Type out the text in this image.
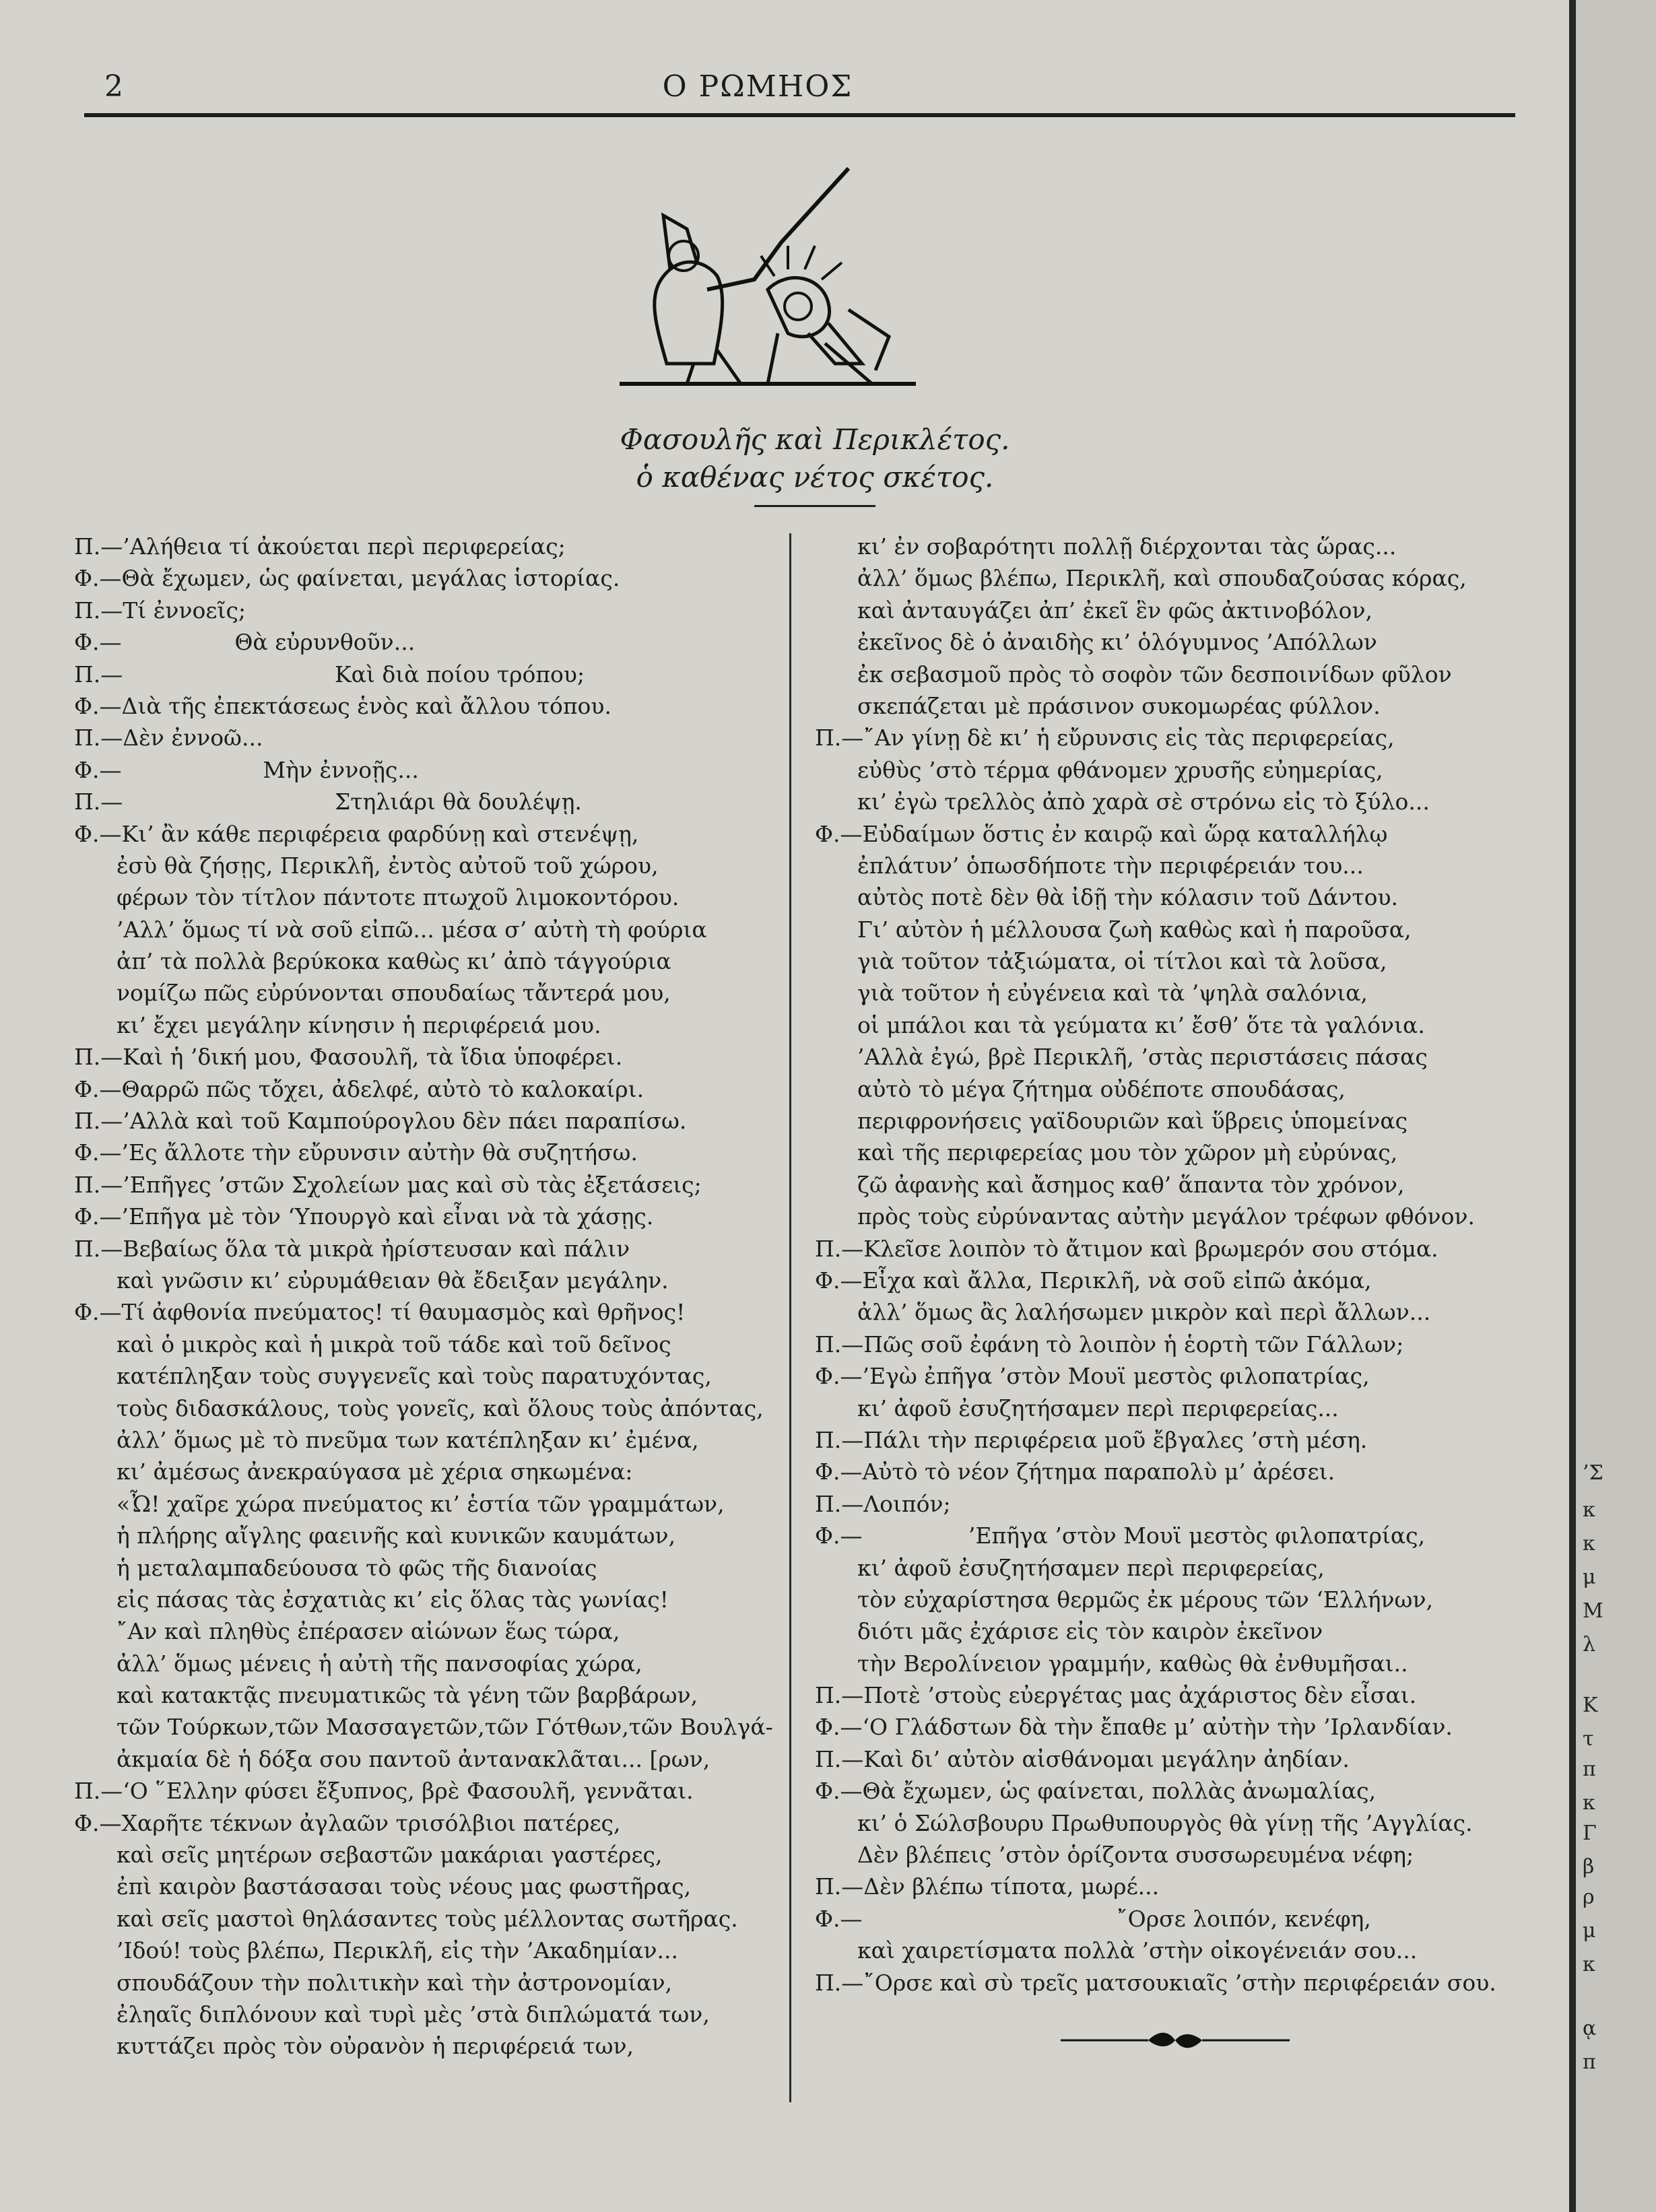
2	Ο ΡΩΜΗΟΣ
Φασουλῆς καὶ Περικλέτος.
ὁ καθένας νέτος σκέτος.
Π.—’Αλήθεια τί ἀκούεται περὶ περιφερείας;
Φ.—Θὰ ἔχωμεν, ὡς φαίνεται, μεγάλας ἱστορίας.
Π.—Τί ἐννοεῖς;
Φ.—                Θὰ εὐρυνθοῦν...
Π.—                              Καὶ διὰ ποίου τρόπου;
Φ.—Διὰ τῆς ἐπεκτάσεως ἑνὸς καὶ ἄλλου τόπου.
Π.—Δὲν ἐννοῶ...
Φ.—                    Μὴν ἐννοῇς...
Π.—                              Στηλιάρι θὰ δουλέψῃ.
Φ.—Κι’ ἂν κάθε περιφέρεια φαρδύνῃ καὶ στενέψῃ,
ἐσὺ θὰ ζήσῃς, Περικλῆ, ἐντὸς αὐτοῦ τοῦ χώρου,
φέρων τὸν τίτλον πάντοτε πτωχοῦ λιμοκοντόρου.
’Αλλ’ ὅμως τί νὰ σοῦ εἰπῶ... μέσα σ’ αὐτὴ τὴ φούρια
ἀπ’ τὰ πολλὰ βερύκοκα καθὼς κι’ ἀπὸ τάγγούρια
νομίζω πῶς εὐρύνονται σπουδαίως τἄντερά μου,
κι’ ἔχει μεγάλην κίνησιν ἡ περιφέρειά μου.
Π.—Καὶ ἡ ’δική μου, Φασουλῆ, τὰ ἴδια ὑποφέρει.
Φ.—Θαρρῶ πῶς τὄχει, ἀδελφέ, αὐτὸ τὸ καλοκαίρι.
Π.—’Αλλὰ καὶ τοῦ Καμπούρογλου δὲν πάει παραπίσω.
Φ.—’Ες ἄλλοτε τὴν εὔρυνσιν αὐτὴν θὰ συζητήσω.
Π.—’Επῆγες ’στῶν Σχολείων μας καὶ σὺ τὰς ἐξετάσεις;
Φ.—’Επῆγα μὲ τὸν ‘Υπουργὸ καὶ εἶναι νὰ τὰ χάσῃς.
Π.—Βεβαίως ὅλα τὰ μικρὰ ἠρίστευσαν καὶ πάλιν
καὶ γνῶσιν κι’ εὐρυμάθειαν θὰ ἔδειξαν μεγάλην.
Φ.—Τί ἀφθονία πνεύματος! τί θαυμασμὸς καὶ θρῆνος!
καὶ ὁ μικρὸς καὶ ἡ μικρὰ τοῦ τάδε καὶ τοῦ δεῖνος
κατέπληξαν τοὺς συγγενεῖς καὶ τοὺς παρατυχόντας,
τοὺς διδασκάλους, τοὺς γονεῖς, καὶ ὅλους τοὺς ἀπόντας,
ἀλλ’ ὅμως μὲ τὸ πνεῦμα των κατέπληξαν κι’ ἐμένα,
κι’ ἀμέσως ἀνεκραύγασα μὲ χέρια σηκωμένα:
«Ὦ! χαῖρε χώρα πνεύματος κι’ ἑστία τῶν γραμμάτων,
ἡ πλήρης αἴγλης φαεινῆς καὶ κυνικῶν καυμάτων,
ἡ μεταλαμπαδεύουσα τὸ φῶς τῆς διανοίας
εἰς πάσας τὰς ἐσχατιὰς κι’ εἰς ὅλας τὰς γωνίας!
῎Αν καὶ πληθὺς ἐπέρασεν αἰώνων ἕως τώρα,
ἀλλ’ ὅμως μένεις ἡ αὐτὴ τῆς πανσοφίας χώρα,
καὶ κατακτᾷς πνευματικῶς τὰ γένη τῶν βαρβάρων,
τῶν Τούρκων,τῶν Μασσαγετῶν,τῶν Γότθων,τῶν Βουλγά-
ἀκμαία δὲ ἡ δόξα σου παντοῦ ἀντανακλᾶται... [ρων,
Π.—‘Ο ῞Ελλην φύσει ἔξυπνος, βρὲ Φασουλῆ, γεννᾶται.
Φ.—Χαρῆτε τέκνων ἀγλαῶν τρισόλβιοι πατέρες,
καὶ σεῖς μητέρων σεβαστῶν μακάριαι γαστέρες,
ἐπὶ καιρὸν βαστάσασαι τοὺς νέους μας φωστῆρας,
καὶ σεῖς μαστοὶ θηλάσαντες τοὺς μέλλοντας σωτῆρας.
’Ιδού! τοὺς βλέπω, Περικλῆ, εἰς τὴν ’Ακαδημίαν...
σπουδάζουν τὴν πολιτικὴν καὶ τὴν ἀστρονομίαν,
ἐληαῖς διπλόνουν καὶ τυρὶ μὲς ’στὰ διπλώματά των,
κυττάζει πρὸς τὸν οὐρανὸν ἡ περιφέρειά των,
κι’ ἐν σοβαρότητι πολλῇ διέρχονται τὰς ὥρας...
ἀλλ’ ὅμως βλέπω, Περικλῆ, καὶ σπουδαζούσας κόρας,
καὶ ἀνταυγάζει ἀπ’ ἐκεῖ ἓν φῶς ἀκτινοβόλον,
ἐκεῖνος δὲ ὁ ἀναιδὴς κι’ ὁλόγυμνος ’Απόλλων
ἐκ σεβασμοῦ πρὸς τὸ σοφὸν τῶν δεσποινίδων φῦλον
σκεπάζεται μὲ πράσινον συκομωρέας φύλλον.
Π.—῎Αν γίνῃ δὲ κι’ ἡ εὔρυνσις εἰς τὰς περιφερείας,
εὐθὺς ’στὸ τέρμα φθάνομεν χρυσῆς εὐημερίας,
κι’ ἐγὼ τρελλὸς ἀπὸ χαρὰ σὲ στρόνω εἰς τὸ ξύλο...
Φ.—Εὐδαίμων ὅστις ἐν καιρῷ καὶ ὥρᾳ καταλλήλῳ
ἐπλάτυν’ ὁπωσδήποτε τὴν περιφέρειάν του...
αὐτὸς ποτὲ δὲν θὰ ἰδῇ τὴν κόλασιν τοῦ Δάντου.
Γι’ αὐτὸν ἡ μέλλουσα ζωὴ καθὼς καὶ ἡ παροῦσα,
γιὰ τοῦτον τἀξιώματα, οἱ τίτλοι καὶ τὰ λοῦσα,
γιὰ τοῦτον ἡ εὐγένεια καὶ τὰ ’ψηλὰ σαλόνια,
οἱ μπάλοι και τὰ γεύματα κι’ ἔσθ’ ὅτε τὰ γαλόνια.
’Αλλὰ ἐγώ, βρὲ Περικλῆ, ’στὰς περιστάσεις πάσας
αὐτὸ τὸ μέγα ζήτημα οὐδέποτε σπουδάσας,
περιφρονήσεις γαϊδουριῶν καὶ ὕβρεις ὑπομείνας
καὶ τῆς περιφερείας μου τὸν χῶρον μὴ εὐρύνας,
ζῶ ἀφανὴς καὶ ἄσημος καθ’ ἅπαντα τὸν χρόνον,
πρὸς τοὺς εὐρύναντας αὐτὴν μεγάλον τρέφων φθόνον.
Π.—Κλεῖσε λοιπὸν τὸ ἄτιμον καὶ βρωμερόν σου στόμα.
Φ.—Εἶχα καὶ ἄλλα, Περικλῆ, νὰ σοῦ εἰπῶ ἀκόμα,
ἀλλ’ ὅμως ἂς λαλήσωμεν μικρὸν καὶ περὶ ἄλλων...
Π.—Πῶς σοῦ ἐφάνη τὸ λοιπὸν ἡ ἑορτὴ τῶν Γάλλων;
Φ.—’Εγὼ ἐπῆγα ’στὸν Μουϊ μεστὸς φιλοπατρίας,
κι’ ἀφοῦ ἐσυζητήσαμεν περὶ περιφερείας...
Π.—Πάλι τὴν περιφέρεια μοῦ ἔβγαλες ’στὴ μέση.
Φ.—Αὐτὸ τὸ νέον ζήτημα παραπολὺ μ’ ἀρέσει.
Π.—Λοιπόν;
Φ.—               ’Επῆγα ’στὸν Μουϊ μεστὸς φιλοπατρίας,
κι’ ἀφοῦ ἐσυζητήσαμεν περὶ περιφερείας,
τὸν εὐχαρίστησα θερμῶς ἐκ μέρους τῶν ‘Ελλήνων,
διότι μᾶς ἐχάρισε εἰς τὸν καιρὸν ἐκεῖνον
τὴν Βερολίνειον γραμμήν, καθὼς θὰ ἐνθυμῆσαι..
Π.—Ποτὲ ’στοὺς εὐεργέτας μας ἀχάριστος δὲν εἶσαι.
Φ.—‘Ο Γλάδστων δὰ τὴν ἔπαθε μ’ αὐτὴν τὴν ’Ιρλανδίαν.
Π.—Καὶ δι’ αὐτὸν αἰσθάνομαι μεγάλην ἀηδίαν.
Φ.—Θὰ ἔχωμεν, ὡς φαίνεται, πολλὰς ἀνωμαλίας,
κι’ ὁ Σώλσβουρυ Πρωθυπουργὸς θὰ γίνῃ τῆς ’Αγγλίας.
Δὲν βλέπεις ’στὸν ὁρίζοντα συσσωρευμένα νέφη;
Π.—Δὲν βλέπω τίποτα, μωρέ...
Φ.—                                    ῎Ορσε λοιπόν, κενέφη,
καὶ χαιρετίσματα πολλὰ ’στὴν οἰκογένειάν σου...
Π.—῎Ορσε καὶ σὺ τρεῖς ματσουκιαῖς ’στὴν περιφέρειάν σου.
’Σ
κ
κ
μ
Μ
λ
Κ
τ
π
κ
Γ
β
ρ
μ
κ
ᾳ
π
